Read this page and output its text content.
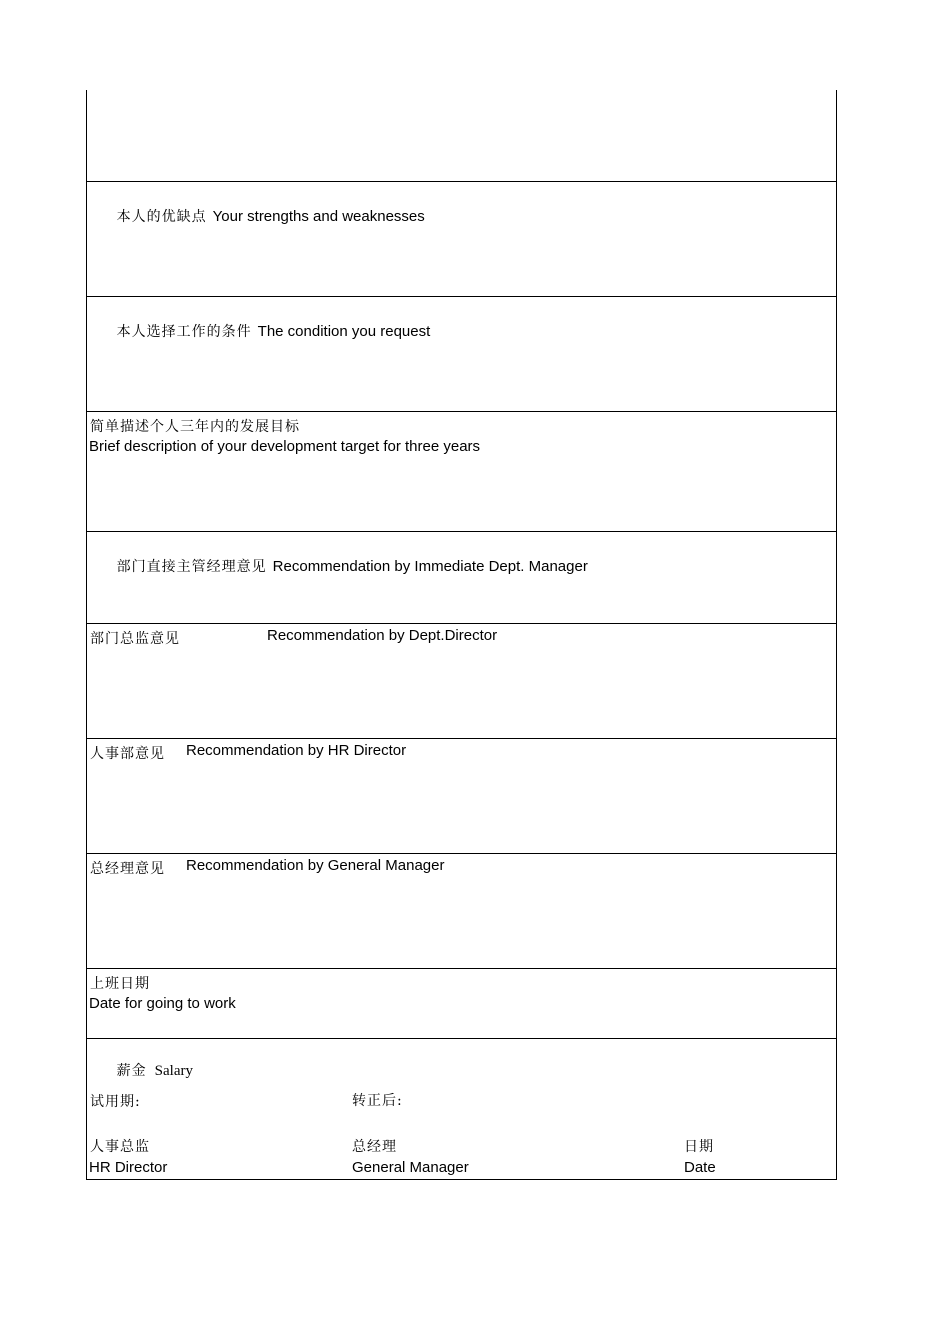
本人的优缺点 Your strengths and weaknesses

本人选择工作的条件 The condition you request

简单描述个人三年内的发展目标
Brief description of your development target for three years

部门直接主管经理意见 Recommendation by Immediate Dept. Manager

部门总监意见	Recommendation by Dept.Director
人事部意见 Recommendation by HR Director
总经理意见 Recommendation by General Manager
上班日期
Date for going to work

薪金 Salary

试用期:	转正后:
人事总监
HR Director
总经理
General Manager
日期
Date
